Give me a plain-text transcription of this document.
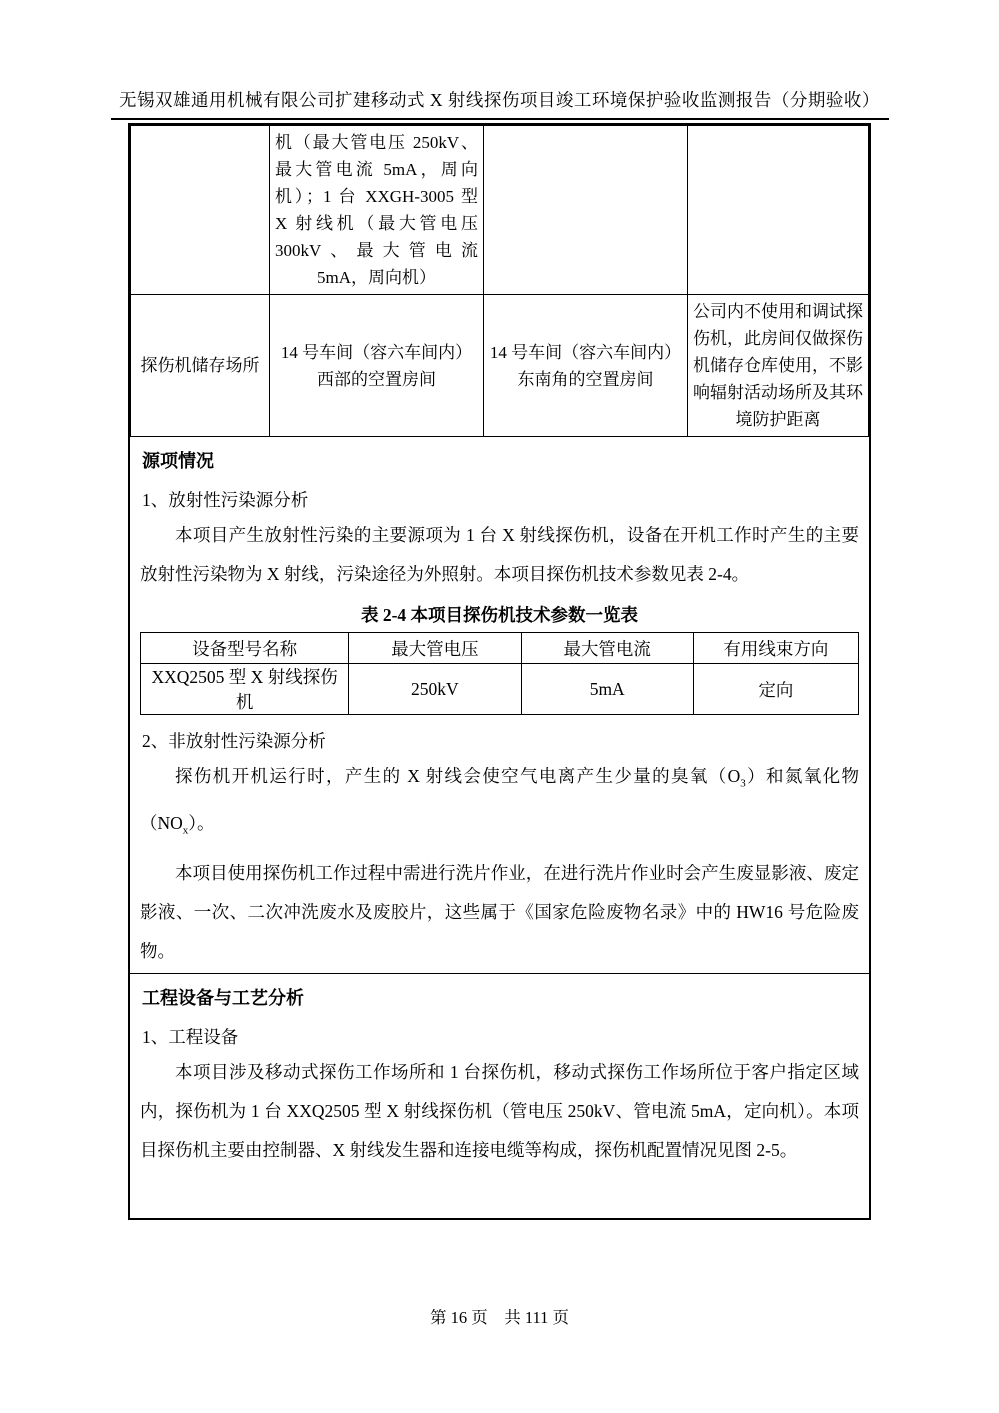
无锡双雄通用机械有限公司扩建移动式 X 射线探伤项目竣工环境保护验收监测报告（分期验收）
	机（最大管电压 250kV、最大管电流 5mA，周向机）；1 台 XXGH-3005 型 X 射线机（最大管电压 300kV、最大管电流 5mA，周向机）		
探伤机储存场所	14 号车间（容六车间内）西部的空置房间	14 号车间（容六车间内）东南角的空置房间	公司内不使用和调试探伤机，此房间仅做探伤机储存仓库使用，不影响辐射活动场所及其环境防护距离
源项情况
1、放射性污染源分析

本项目产生放射性污染的主要源项为 1 台 X 射线探伤机，设备在开机工作时产生的主要放射性污染物为 X 射线，污染途径为外照射。本项目探伤机技术参数见表 2-4。

表 2-4 本项目探伤机技术参数一览表
设备型号名称	最大管电压	最大管电流	有用线束方向
XXQ2505 型 X 射线探伤机	250kV	5mA	定向
2、非放射性污染源分析

探伤机开机运行时，产生的 X 射线会使空气电离产生少量的臭氧$(O_3)$和氮氧化物$(NO_x)$。

本项目使用探伤机工作过程中需进行洗片作业，在进行洗片作业时会产生废显影液、废定影液、一次、二次冲洗废水及废胶片，这些属于《国家危险废物名录》中的 HW16 号危险废物。

工程设备与工艺分析
1、工程设备

本项目涉及移动式探伤工作场所和 1 台探伤机，移动式探伤工作场所位于客户指定区域内，探伤机为 1 台 XXQ2505 型 X 射线探伤机（管电压 250kV、管电流 5mA，定向机）。本项目探伤机主要由控制器、X 射线发生器和连接电缆等构成，探伤机配置情况见图 2-5。

第 16 页　共 111 页
